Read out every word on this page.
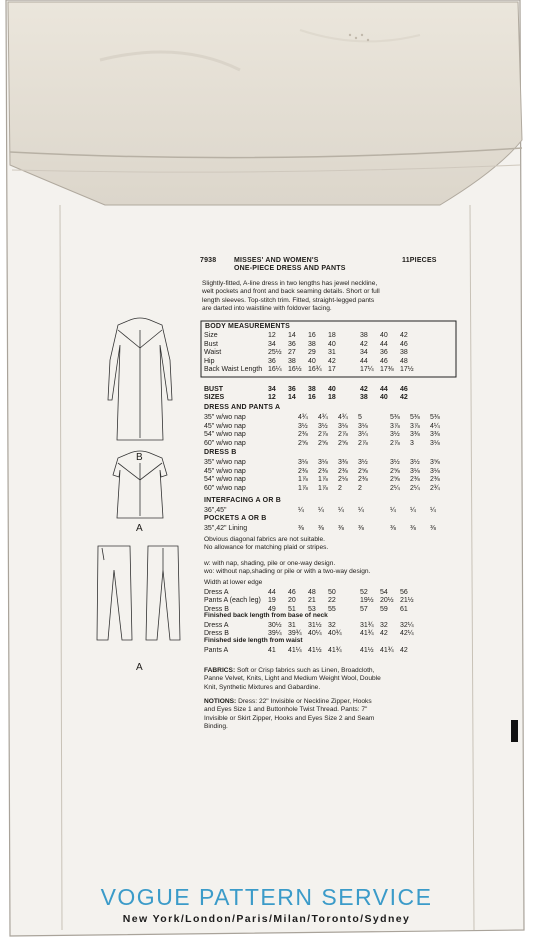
7938	MISSES' AND WOMEN'S
ONE-PIECE DRESS AND PANTS
11PIECES
Slightly-fitted, A-line dress in two lengths has jewel neckline,
welt pockets and front and back seaming details. Short or full
length sleeves. Top-stitch trim. Fitted, straight-legged pants
are darted into waistline with foldover facing.
BODY MEASUREMENTS
Size	12	14	16	18	38	40	42
Bust	34	36	38	40	42	44	46
Waist	25½ 27	29	31	34	36	38
Hip	36	38	40	42	44	46	48
Back Waist Length 16¼ 16½ 16¾ 17	17¼ 17⅜ 17½
BUST	34	36	38	40	42	44	46
SIZES	12	14	16	18	38	40	42
DRESS AND PANTS A
35" w/wo nap	4¾	4¾	4¾	5	5⅜	5⅜	5⅜
45" w/wo nap	3½	3½	3⅛	3⅛	3⅞	3⅞	4¼
54" w/wo nap	2⅜	2⅞	2⅞	3¼	3½	3⅜	3⅜
60" w/wo nap	2⅝	2⅝	2⅝	2⅞	2⅞	3	3⅛
DRESS B
35" w/wo nap	3⅛	3⅛	3⅜	3½	3½	3½	3⅝
45" w/wo nap	2⅜	2⅜	2⅜	2⅝	2⅝	3⅛	3⅛
54" w/wo nap	1⅞	1⅞	2⅛	2⅜	2⅝	2⅜	2⅜
60" w/wo nap	1⅞	1⅞	2	2	2¼	2¼	2¾
INTERFACING A OR B
36",45"	¼	¼	¼	¼	¼	¼	¼
POCKETS A OR B
35",42" Lining	⅜	⅜	⅜	⅜	⅜	⅜	⅜
Obvious diagonal fabrics are not suitable.
No allowance for matching plaid or stripes.
w: with nap, shading, pile or one-way design.
wo: without nap,shading or pile or with a two-way design.
Width at lower edge
Dress A	44	46	48	50	52	54	56
Pants A (each leg) 19	20	21	22	19½ 20½ 21½
Dress B	49	51	53	55	57	59	61
Finished back length from base of neck
Dress A	30½ 31	31½ 32	31¾ 32	32¼
Dress B	39¼ 39¾ 40¼ 40¾	41¾ 42	42¼
Finished side length from waist
Pants A	41	41¼ 41½ 41¾	41½ 41¾ 42
FABRICS: Soft or Crisp fabrics such as Linen, Broadcloth,
Panne Velvet, Knits, Light and Medium Weight Wool, Double
Knit, Synthetic Mixtures and Gabardine.
NOTIONS: Dress: 22" Invisible or Neckline Zipper, Hooks
and Eyes Size 1 and Buttonhole Twist Thread. Pants: 7"
Invisible or Skirt Zipper, Hooks and Eyes Size 2 and Seam
Binding.
B
A
A
VOGUE PATTERN SERVICE
New York/London/Paris/Milan/Toronto/Sydney
